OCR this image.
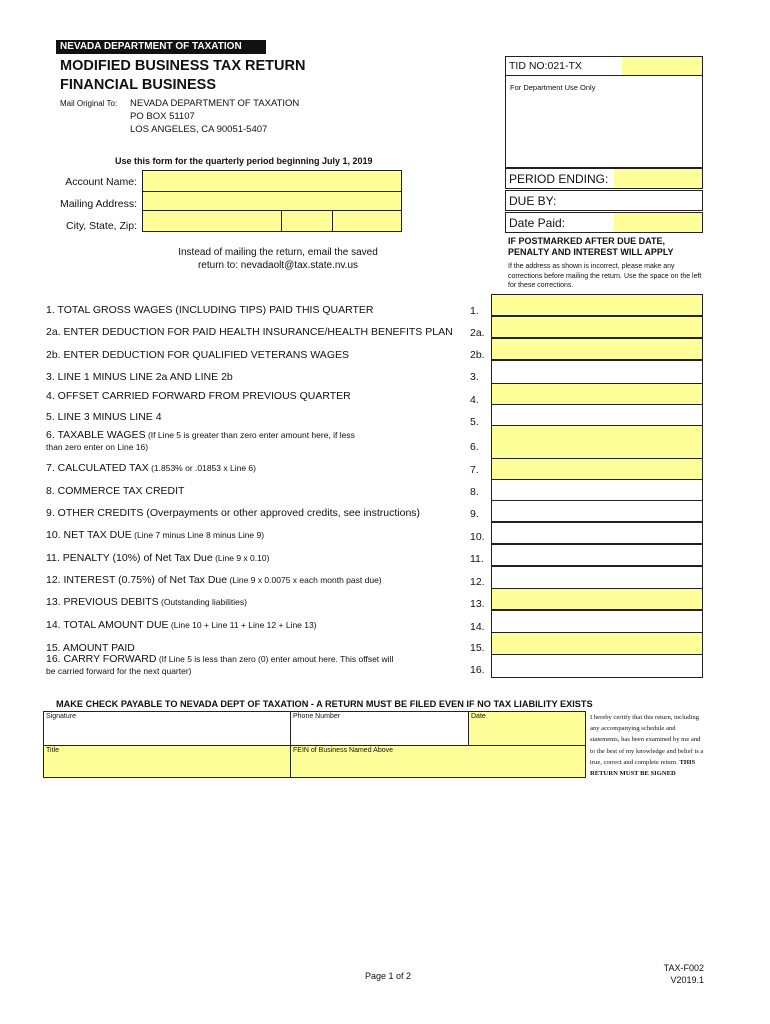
NEVADA DEPARTMENT OF TAXATION
MODIFIED BUSINESS TAX RETURN
FINANCIAL BUSINESS
Mail Original To: NEVADA DEPARTMENT OF TAXATION
PO BOX 51107
LOS ANGELES, CA 90051-5407
TID NO:021-TX
For Department Use Only
Use this form for the quarterly period beginning July 1, 2019
Account Name:
Mailing Address:
City, State, Zip:
PERIOD ENDING:
DUE BY:
Date Paid:
Instead of mailing the return, email the saved
return to: nevadaolt@tax.state.nv.us
IF POSTMARKED AFTER DUE DATE,
PENALTY AND INTEREST WILL APPLY
If the address as shown is incorrect, please make any corrections before mailing the return. Use the space on the left for these corrections.
1. TOTAL GROSS WAGES (INCLUDING TIPS) PAID THIS QUARTER	1.
2a. ENTER DEDUCTION FOR PAID HEALTH INSURANCE/HEALTH BENEFITS PLAN 2a.
2b. ENTER DEDUCTION FOR QUALIFIED VETERANS WAGES	2b.
3. LINE 1 MINUS LINE 2a AND LINE 2b	3.
4. OFFSET CARRIED FORWARD FROM PREVIOUS QUARTER	4.
5. LINE 3 MINUS LINE 4	5.
6. TAXABLE WAGES (If Line 5 is greater than zero enter amount here, if less
than zero enter on Line 16)	6.
7. CALCULATED TAX (1.853% or .01853 x Line 6)	7.
8. COMMERCE TAX CREDIT	8.
9. OTHER CREDITS (Overpayments or other approved credits, see instructions)	9.
10. NET TAX DUE (Line 7 minus Line 8 minus Line 9)	10.
11. PENALTY (10%) of Net Tax Due (Line 9 x 0.10)	11.
12. INTEREST (0.75%) of Net Tax Due (Line 9 x 0.0075 x each month past due)	12.
13. PREVIOUS DEBITS (Outstanding liabilities)	13.
14. TOTAL AMOUNT DUE (Line 10 + Line 11 + Line 12 + Line 13)	14.
15. AMOUNT PAID	15.
16. CARRY FORWARD (If Line 5 is less than zero (0) enter amout here. This offset will
be carried forward for the next quarter)	16.
MAKE CHECK PAYABLE TO NEVADA DEPT OF TAXATION - A RETURN MUST BE FILED EVEN IF NO TAX LIABILITY EXISTS
Signature	Phone Number	Date
Title	FEIN of Business Named Above
I hereby certify that this return, including any accompanying schedule and statements, has been examined by me and to the best of my knowledge and belief is a true, correct and complete return. THIS RETURN MUST BE SIGNED
Page 1 of 2
TAX-F002
V2019.1
